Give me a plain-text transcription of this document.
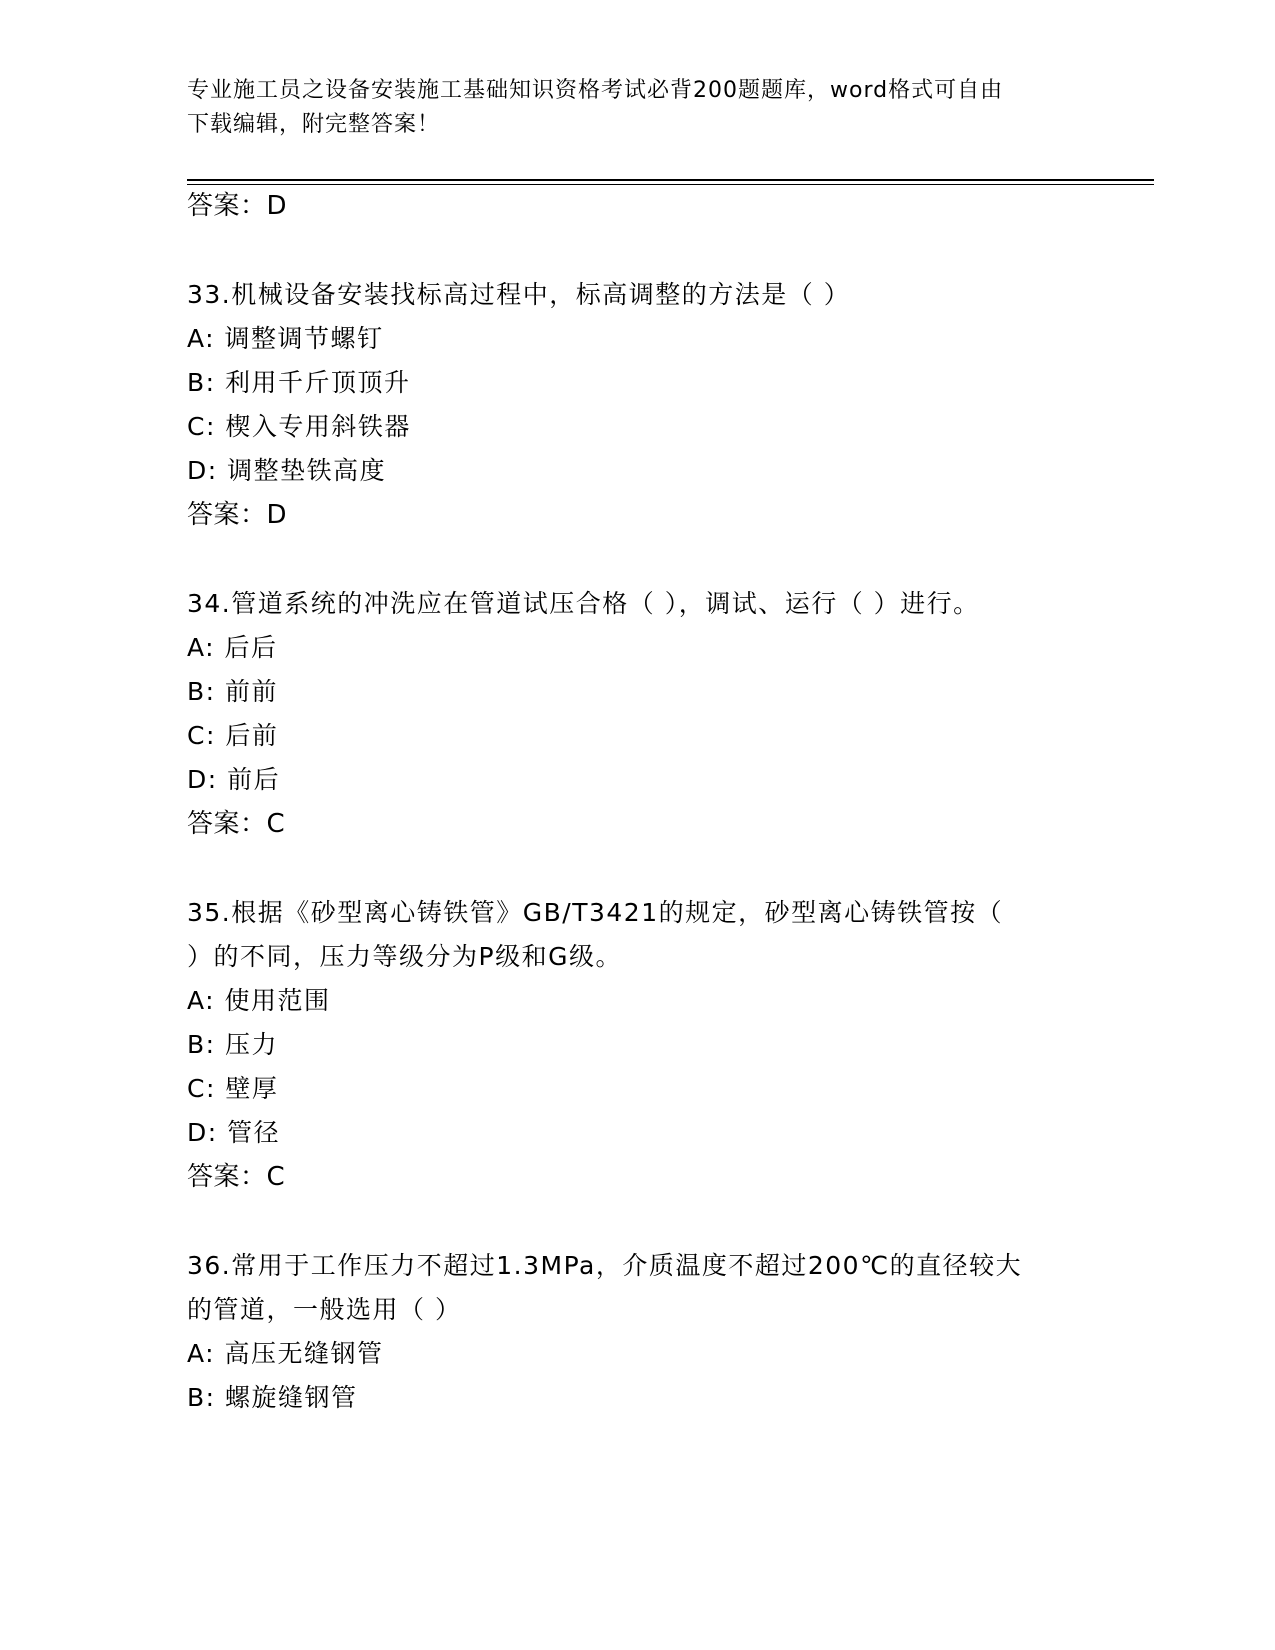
专业施工员之设备安装施工基础知识资格考试必背200题题库，word格式可自由
下载编辑，附完整答案！
答案：D
33.机械设备安装找标高过程中，标高调整的方法是（ ）
A: 调整调节螺钉
B: 利用千斤顶顶升
C: 楔入专用斜铁器
D: 调整垫铁高度
答案：D
34.管道系统的冲洗应在管道试压合格（ ），调试、运行（ ）进行。
A: 后后
B: 前前
C: 后前
D: 前后
答案：C
35.根据《砂型离心铸铁管》GB/T3421的规定，砂型离心铸铁管按（
）的不同，压力等级分为P级和G级。
A: 使用范围
B: 压力
C: 壁厚
D: 管径
答案：C
36.常用于工作压力不超过1.3MPa，介质温度不超过200℃的直径较大
的管道，一般选用（ ）
A: 高压无缝钢管
B: 螺旋缝钢管
